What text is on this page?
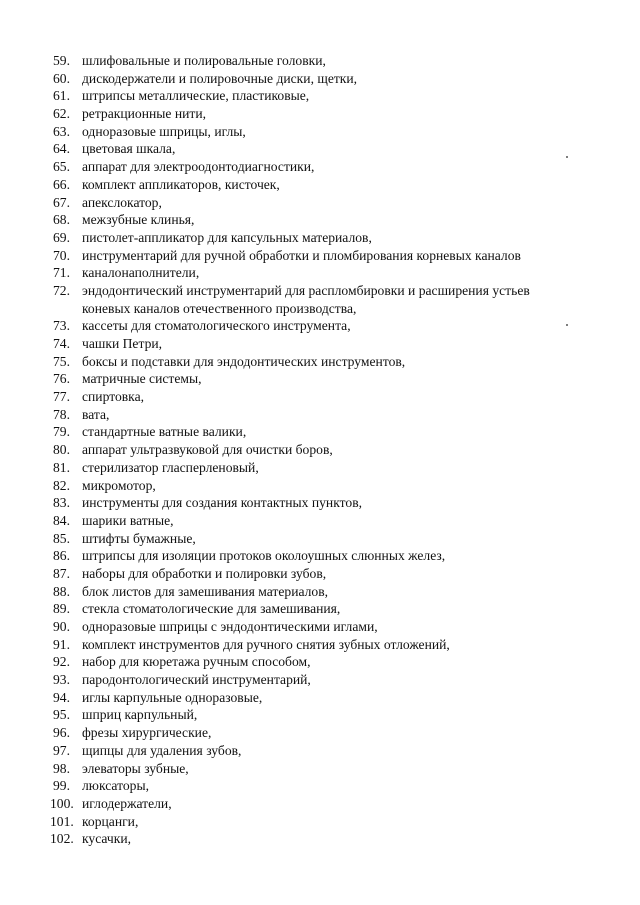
59. шлифовальные и полировальные головки,
60. дискодержатели и полировочные диски, щетки,
61. штрипсы металлические, пластиковые,
62. ретракционные нити,
63. одноразовые шприцы, иглы,
64. цветовая шкала,
65. аппарат для электроодонтодиагностики,
66. комплект аппликаторов, кисточек,
67. апекслокатор,
68. межзубные клинья,
69. пистолет-аппликатор для капсульных материалов,
70. инструментарий для ручной обработки и пломбирования корневых каналов
71. каналонаполнители,
72. эндодонтический инструментарий для распломбировки и расширения устьев
коневых каналов отечественного производства,
73. кассеты для стоматологического инструмента,
74. чашки Петри,
75. боксы и подставки для эндодонтических инструментов,
76. матричные системы,
77. спиртовка,
78. вата,
79. стандартные ватные валики,
80. аппарат ультразвуковой для очистки боров,
81. стерилизатор гласперленовый,
82. микромотор,
83. инструменты для создания контактных пунктов,
84. шарики ватные,
85. штифты бумажные,
86. штрипсы для изоляции протоков околоушных слюнных желез,
87. наборы для обработки и полировки зубов,
88. блок листов для замешивания материалов,
89. стекла стоматологические для замешивания,
90. одноразовые шприцы с эндодонтическими иглами,
91. комплект инструментов для ручного снятия зубных отложений,
92. набор для кюретажа ручным способом,
93. пародонтологический инструментарий,
94. иглы карпульные одноразовые,
95. шприц карпульный,
96. фрезы хирургические,
97. щипцы для удаления зубов,
98. элеваторы зубные,
99. люксаторы,
100. иглодержатели,
101. корцанги,
102. кусачки,
